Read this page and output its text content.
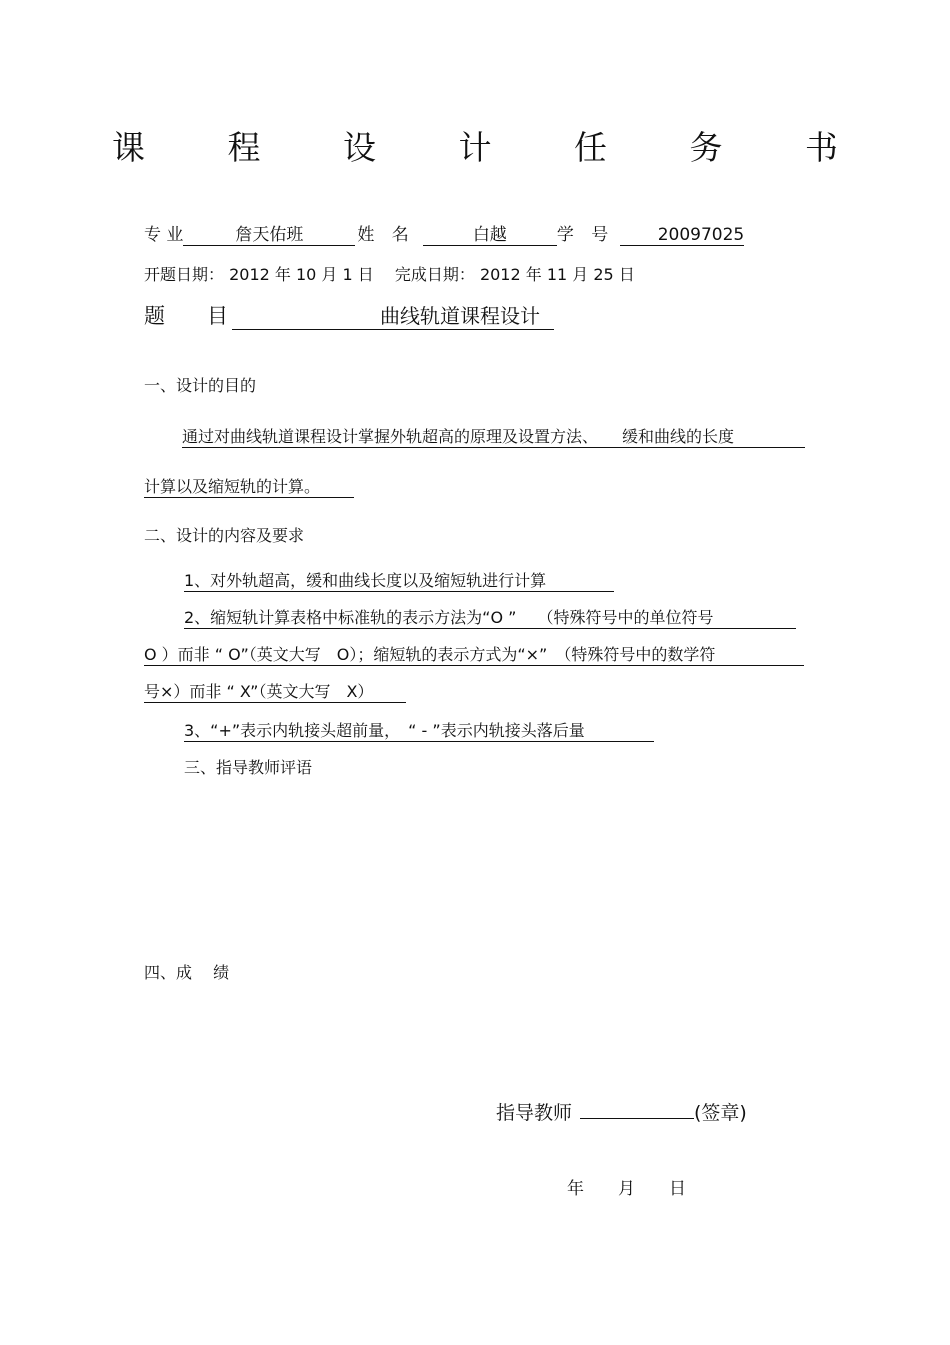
课 程 设 计 任 务 书
专 业	詹天佑班	姓 名	白越	学 号	20097025
开题日期： 2012 年 10 月 1 日　 完成日期： 2012 年 11 月 25 日
题　　目	曲线轨道课程设计
一、设计的目的
通过对曲线轨道课程设计掌握外轨超高的原理及设置方法、　　缓和曲线的长度
计算以及缩短轨的计算。
二、设计的内容及要求
1、对外轨超高，缓和曲线长度以及缩短轨进行计算
2、缩短轨计算表格中标准轨的表示方法为“O ”　 （特殊符号中的单位符号
O ）而非 “ O”（英文大写　O）；缩短轨的表示方式为“×”　（特殊符号中的数学符
号×）而非 “ X”（英文大写　X）
3、“+”表示内轨接头超前量，　“ - ”表示内轨接头落后量
三、指导教师评语
四、成　 绩
指导教师	(签章)
年　　月　　日
